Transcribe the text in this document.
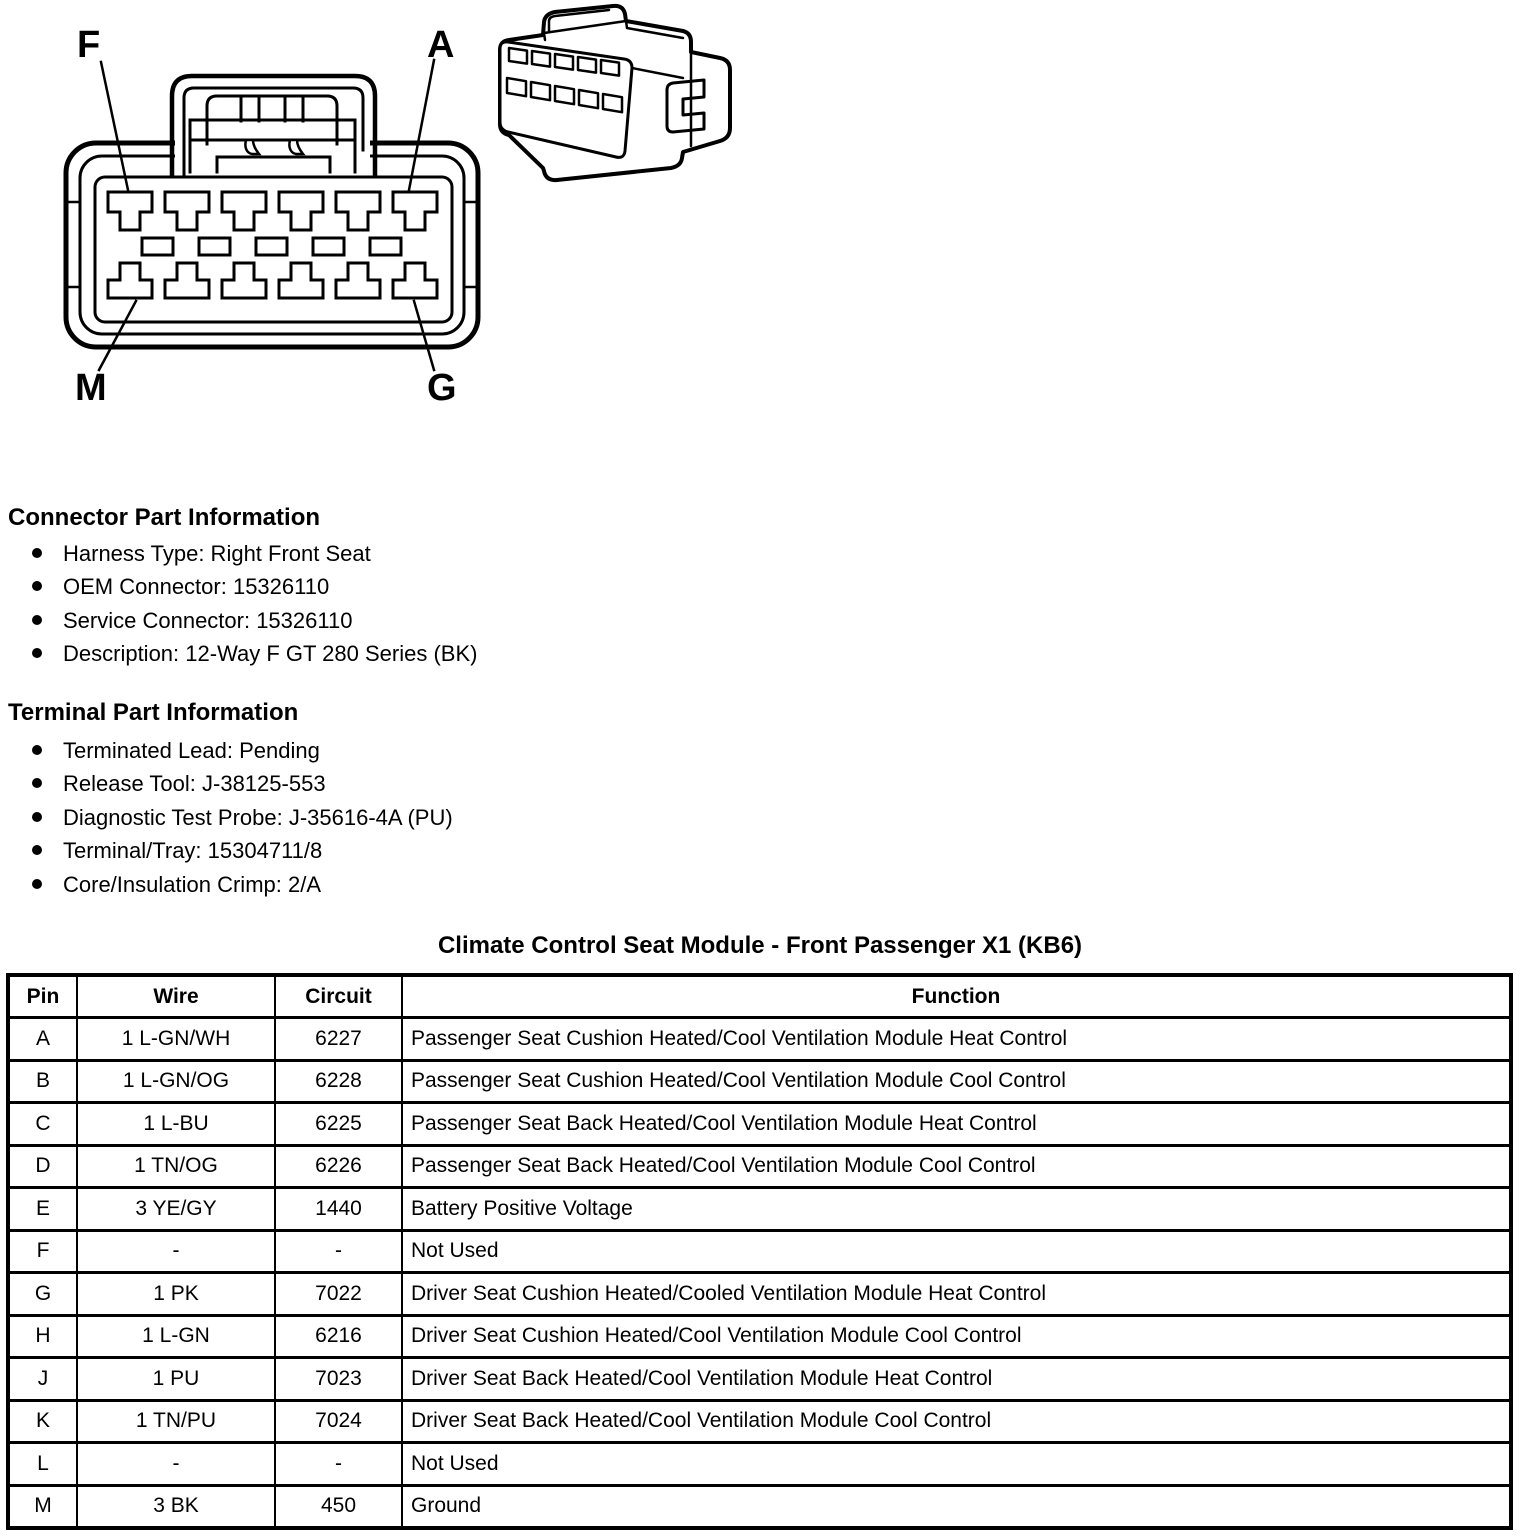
F	A
M	G
Connector Part Information
Harness Type: Right Front Seat
OEM Connector: 15326110
Service Connector: 15326110
Description: 12-Way F GT 280 Series (BK)
Terminal Part Information
Terminated Lead: Pending
Release Tool: J-38125-553
Diagnostic Test Probe: J-35616-4A (PU)
Terminal/Tray: 15304711/8
Core/Insulation Crimp: 2/A
Climate Control Seat Module - Front Passenger X1 (KB6)
Pin	Wire	Circuit	Function
A	1 L-GN/WH	6227	Passenger Seat Cushion Heated/Cool Ventilation Module Heat Control
B	1 L-GN/OG	6228	Passenger Seat Cushion Heated/Cool Ventilation Module Cool Control
C	1 L-BU	6225	Passenger Seat Back Heated/Cool Ventilation Module Heat Control
D	1 TN/OG	6226	Passenger Seat Back Heated/Cool Ventilation Module Cool Control
E	3 YE/GY	1440	Battery Positive Voltage
F	-	-	Not Used
G	1 PK	7022	Driver Seat Cushion Heated/Cooled Ventilation Module Heat Control
H	1 L-GN	6216	Driver Seat Cushion Heated/Cool Ventilation Module Cool Control
J	1 PU	7023	Driver Seat Back Heated/Cool Ventilation Module Heat Control
K	1 TN/PU	7024	Driver Seat Back Heated/Cool Ventilation Module Cool Control
L	-	-	Not Used
M	3 BK	450	Ground
